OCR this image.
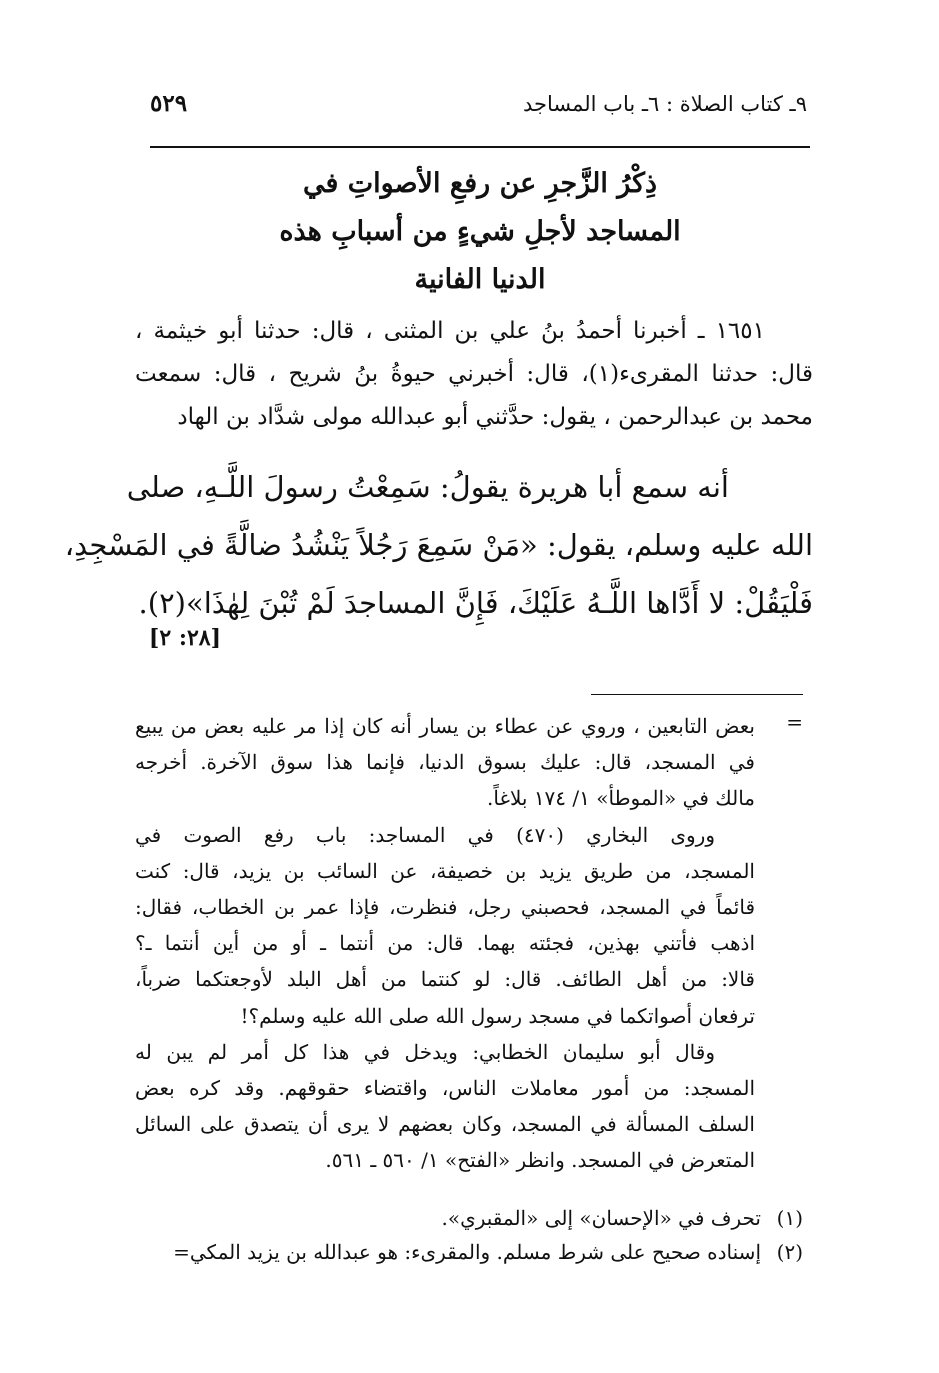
٩ـ كتاب الصلاة : ٦ـ باب المساجد
٥٢٩
ذِكْرُ الزَّجرِ عن رفعِ الأصواتِ في
المساجد لأجلِ شيءٍ من أسبابِ هذه
الدنيا الفانية
١٦٥١ ـ أخبرنا أحمدُ بنُ علي بن المثنى ، قال: حدثنا أبو خيثمة ،
قال: حدثنا المقرىء(١)، قال: أخبرني حيوةُ بنُ شريح ، قال: سمعت
محمد بن عبدالرحمن ، يقول: حدَّثني أبو عبدالله مولى شدَّاد بن الهاد
أنه سمع أبا هريرة يقولُ: سَمِعْتُ رسولَ اللَّـهِ، صلى
الله عليه وسلم، يقول: «مَنْ سَمِعَ رَجُلاً يَنْشُدُ ضالَّةً في المَسْجِدِ،
فَلْيَقُلْ: لا أَدَّاها اللَّـهُ عَلَيْكَ، فَإِنَّ المساجدَ لَمْ تُبْنَ لِهٰذَا»(٢).
[٢٨: ٢]
=
بعض التابعين ، وروي عن عطاء بن يسار أنه كان إذا مر عليه بعض من يبيع
في المسجد، قال: عليك بسوق الدنيا، فإنما هذا سوق الآخرة. أخرجه
مالك في «الموطأ» ١/ ١٧٤ بلاغاً.
وروى البخاري (٤٧٠) في المساجد: باب رفع الصوت في
المسجد، من طريق يزيد بن خصيفة، عن السائب بن يزيد، قال: كنت
قائماً في المسجد، فحصبني رجل، فنظرت، فإذا عمر بن الخطاب، فقال:
اذهب فأتني بهذين، فجئته بهما. قال: من أنتما ـ أو من أين أنتما ـ؟
قالا: من أهل الطائف. قال: لو كنتما من أهل البلد لأوجعتكما ضرباً،
ترفعان أصواتكما في مسجد رسول الله صلى الله عليه وسلم؟!
وقال أبو سليمان الخطابي: ويدخل في هذا كل أمر لم يبن له
المسجد: من أمور معاملات الناس، واقتضاء حقوقهم. وقد كره بعض
السلف المسألة في المسجد، وكان بعضهم لا يرى أن يتصدق على السائل
المتعرض في المسجد. وانظر «الفتح» ١/ ٥٦٠ ـ ٥٦١.
(١)تحرف في «الإحسان» إلى «المقبري».
(٢)إسناده صحيح على شرط مسلم. والمقرىء: هو عبدالله بن يزيد المكي=
